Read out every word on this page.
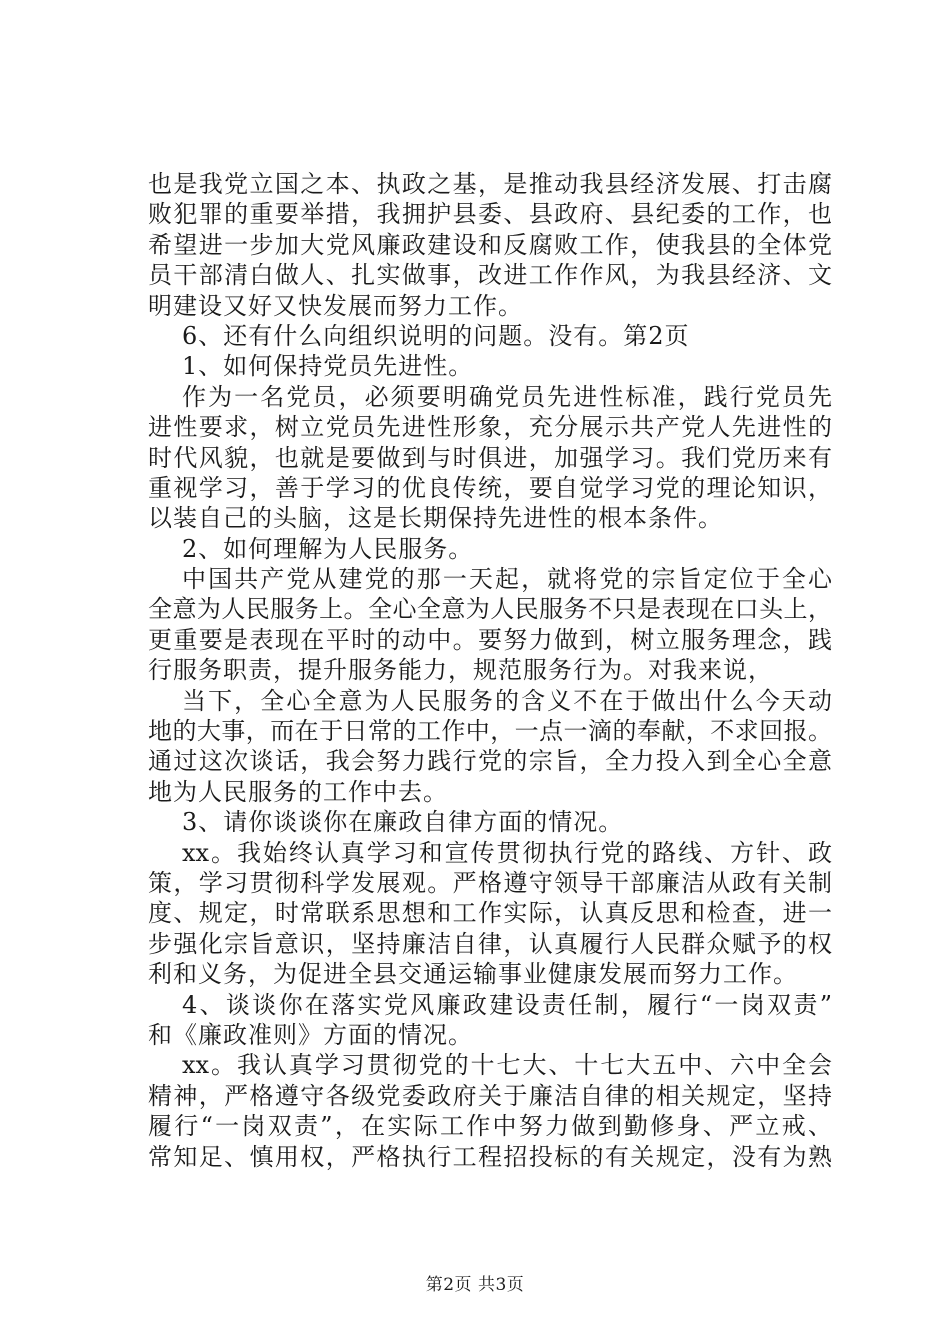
也是我党立国之本、执政之基，是推动我县经济发展、打击腐
败犯罪的重要举措，我拥护县委、县政府、县纪委的工作，也
希望进一步加大党风廉政建设和反腐败工作，使我县的全体党
员干部清白做人、扎实做事，改进工作作风，为我县经济、文
明建设又好又快发展而努力工作。
6、还有什么向组织说明的问题。没有。第2页
1、如何保持党员先进性。
作为一名党员，必须要明确党员先进性标准，践行党员先
进性要求，树立党员先进性形象，充分展示共产党人先进性的
时代风貌，也就是要做到与时俱进，加强学习。我们党历来有
重视学习，善于学习的优良传统，要自觉学习党的理论知识，
以装自己的头脑，这是长期保持先进性的根本条件。
2、如何理解为人民服务。
中国共产党从建党的那一天起，就将党的宗旨定位于全心
全意为人民服务上。全心全意为人民服务不只是表现在口头上，
更重要是表现在平时的动中。要努力做到，树立服务理念，践
行服务职责，提升服务能力，规范服务行为。对我来说，
当下，全心全意为人民服务的含义不在于做出什么今天动
地的大事，而在于日常的工作中，一点一滴的奉献，不求回报。
通过这次谈话，我会努力践行党的宗旨，全力投入到全心全意
地为人民服务的工作中去。
3、请你谈谈你在廉政自律方面的情况。
xx。我始终认真学习和宣传贯彻执行党的路线、方针、政
策，学习贯彻科学发展观。严格遵守领导干部廉洁从政有关制
度、规定，时常联系思想和工作实际，认真反思和检查，进一
步强化宗旨意识，坚持廉洁自律，认真履行人民群众赋予的权
利和义务，为促进全县交通运输事业健康发展而努力工作。
4、谈谈你在落实党风廉政建设责任制，履行“一岗双责”
和《廉政准则》方面的情况。
xx。我认真学习贯彻党的十七大、十七大五中、六中全会
精神，严格遵守各级党委政府关于廉洁自律的相关规定，坚持
履行“一岗双责”，在实际工作中努力做到勤修身、严立戒、
常知足、慎用权，严格执行工程招投标的有关规定，没有为熟
第2页 共3页
